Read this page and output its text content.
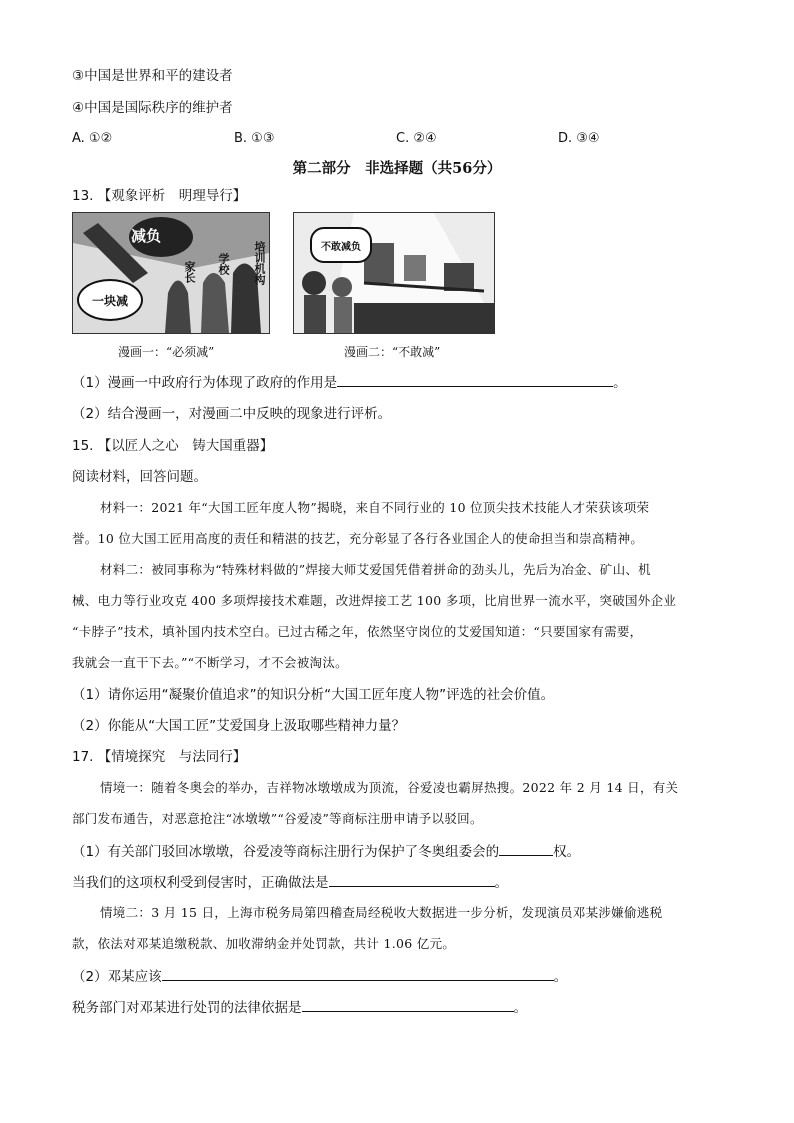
③中国是世界和平的建设者
④中国是国际秩序的维护者
A. ①②	B. ①③	C. ②④	D. ③④
第二部分　非选择题（共56分）
13. 【观象评析　明理导行】
减负
一块减
家长 学校 培训机构	不敢减负
漫画一：“必须减”	漫画二：“不敢减”
（1）漫画一中政府行为体现了政府的作用是	。
（2）结合漫画一，对漫画二中反映的现象进行评析。
15. 【以匠人之心　铸大国重器】
阅读材料，回答问题。
材料一：2021 年“大国工匠年度人物”揭晓，来自不同行业的 10 位顶尖技术技能人才荣获该项荣
誉。10 位大国工匠用高度的责任和精湛的技艺，充分彰显了各行各业国企人的使命担当和崇高精神。
材料二：被同事称为“特殊材料做的”焊接大师艾爱国凭借着拼命的劲头儿，先后为冶金、矿山、机
械、电力等行业攻克 400 多项焊接技术难题，改进焊接工艺 100 多项，比肩世界一流水平，突破国外企业
“卡脖子”技术，填补国内技术空白。已过古稀之年，依然坚守岗位的艾爱国知道：“只要国家有需要，
我就会一直干下去。”“不断学习，才不会被淘汰。
（1）请你运用“凝聚价值追求”的知识分析“大国工匠年度人物”评选的社会价值。
（2）你能从“大国工匠”艾爱国身上汲取哪些精神力量？
17. 【情境探究　与法同行】
情境一：随着冬奥会的举办，吉祥物冰墩墩成为顶流，谷爱凌也霸屏热搜。2022 年 2 月 14 日，有关
部门发布通告，对恶意抢注“冰墩墩”“谷爱凌”等商标注册申请予以驳回。
（1）有关部门驳回冰墩墩，谷爱凌等商标注册行为保护了冬奥组委会的	权。
当我们的这项权利受到侵害时，正确做法是	。
情境二：3 月 15 日，上海市税务局第四稽查局经税收大数据进一步分析，发现演员邓某涉嫌偷逃税
款，依法对邓某追缴税款、加收滞纳金并处罚款，共计 1.06 亿元。
（2）邓某应该	。
税务部门对邓某进行处罚的法律依据是	。
